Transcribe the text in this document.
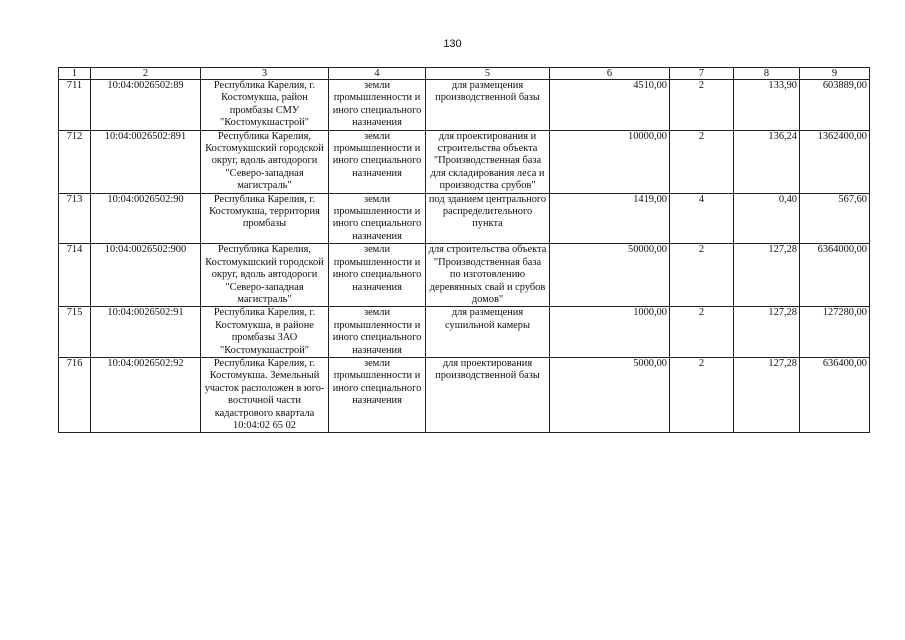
130
1	2	3	4	5	6	7	8	9
711	10:04:0026502:89	Республика Карелия, г. Костомукша, район промбазы СМУ "Костомукшастрой"	земли промышленности и иного специального назначения	для размещения производственной базы	4510,00	2	133,90	603889,00
712	10:04:0026502:891	Республика Карелия, Костомукшский городской округ, вдоль автодороги "Северо-западная магистраль"	земли промышленности и иного специального назначения	для проектирования и строительства объекта "Производственная база для складирования леса и производства срубов"	10000,00	2	136,24	1362400,00
713	10:04:0026502:90	Республика Карелия, г. Костомукша, территория промбазы	земли промышленности и иного специального назначения	под зданием центрального распределительного пункта	1419,00	4	0,40	567,60
714	10:04:0026502:900	Республика Карелия, Костомукшский городской округ, вдоль автодороги "Северо-западная магистраль"	земли промышленности и иного специального назначения	для строительства объекта "Производственная база по изготовлению деревянных свай и срубов домов"	50000,00	2	127,28	6364000,00
715	10:04:0026502:91	Республика Карелия, г. Костомукша, в районе промбазы ЗАО "Костомукшастрой"	земли промышленности и иного специального назначения	для размещения сушильной камеры	1000,00	2	127,28	127280,00
716	10:04:0026502:92	Республика Карелия, г. Костомукша. Земельный участок расположен в юго-восточной части кадастрового квартала 10:04:02 65 02	земли промышленности и иного специального назначения	для проектирования производственной базы	5000,00	2	127,28	636400,00
